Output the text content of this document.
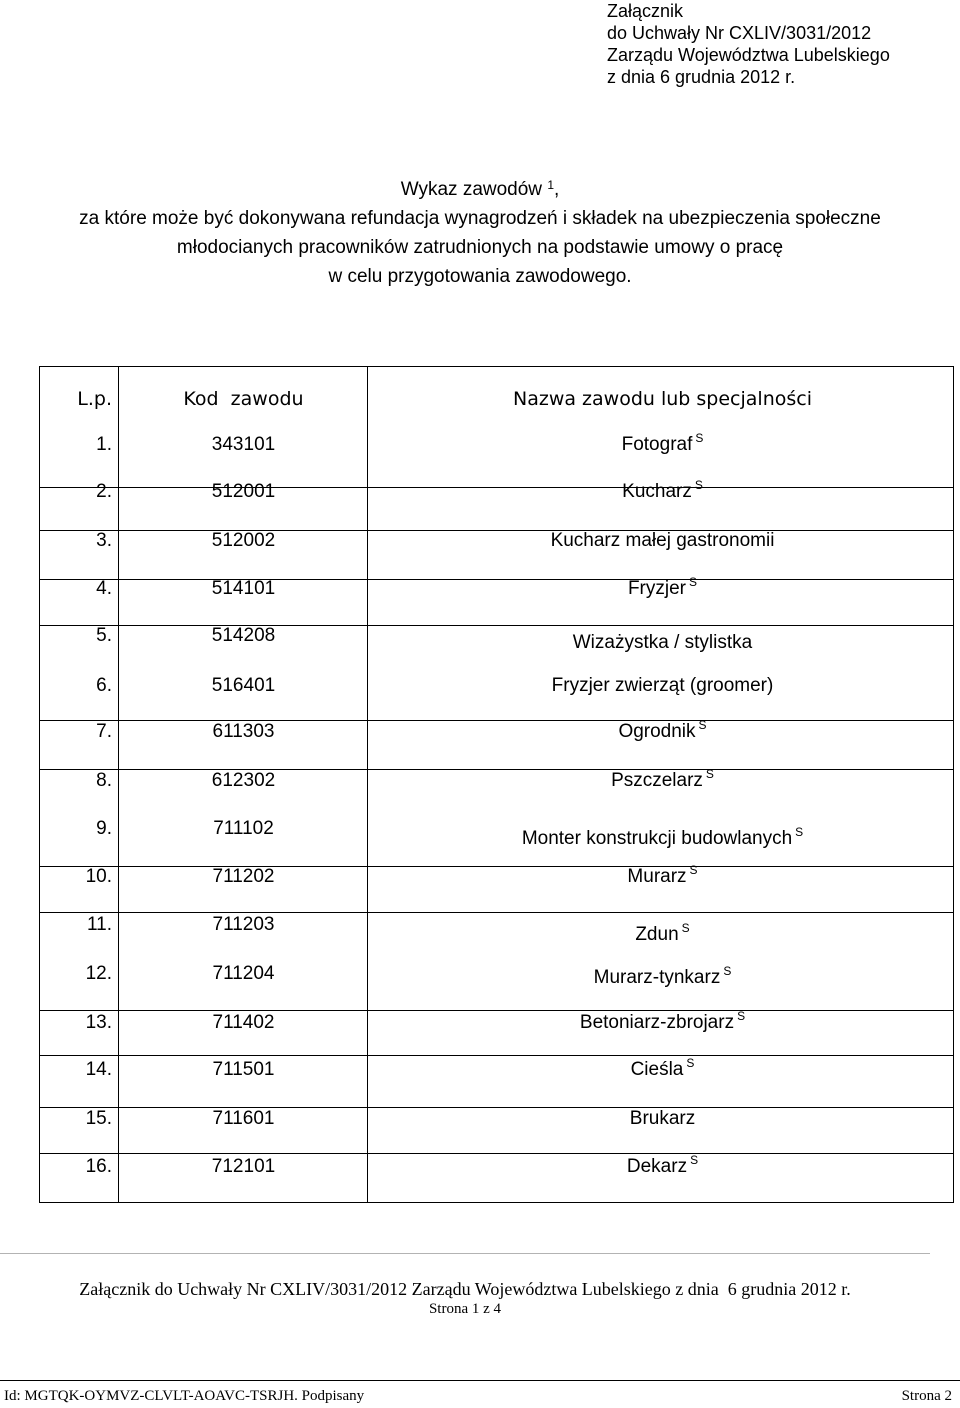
Załącznik
do Uchwały Nr CXLIV/3031/2012
Zarządu Województwa Lubelskiego
z dnia 6 grudnia 2012 r.
Wykaz zawodów $^1$,
za które może być dokonywana refundacja wynagrodzeń i składek na ubezpieczenia społeczne
młodocianych pracowników zatrudnionych na podstawie umowy o pracę
w celu przygotowania zawodowego.
L.p.	Kod  zawodu	Nazwa zawodu lub specjalności
1.	343101	Fotograf $^S$
2.	512001	Kucharz $^S$
3.	512002	Kucharz małej gastronomii
4.	514101	Fryzjer $^S$
5.	514208	Wizażystka / stylistka
6.	516401	Fryzjer zwierząt (groomer)
7.	611303	Ogrodnik $^S$
8.	612302	Pszczelarz $^S$
9.	711102	Monter konstrukcji budowlanych $^S$
10.	711202	Murarz $^S$
11.	711203	Zdun $^S$
12.	711204	Murarz-tynkarz $^S$
13.	711402	Betoniarz-zbrojarz $^S$
14.	711501	Cieśla $^S$
15.	711601	Brukarz
16.	712101	Dekarz $^S$
Załącznik do Uchwały Nr CXLIV/3031/2012 Zarządu Województwa Lubelskiego z dnia  6 grudnia 2012 r.
Strona 1 z 4
Id: MGTQK-OYMVZ-CLVLT-AOAVC-TSRJH. Podpisany	Strona 2
